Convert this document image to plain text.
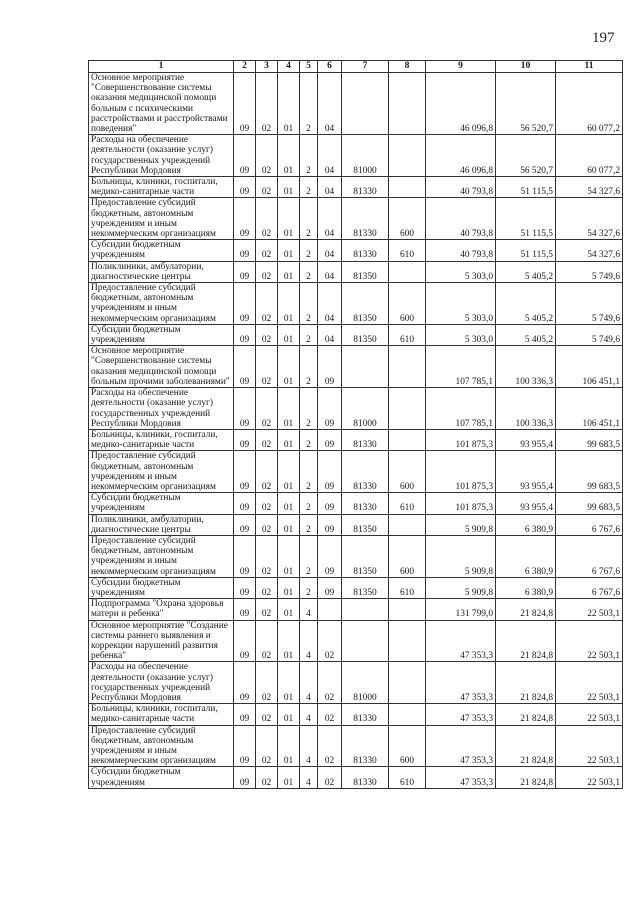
197
1	2	3	4	5	6	7	8	9	10	11
Основное мероприятие "Совершенствование системы оказания медицинской помощи больным с психическими расстройствами и расстройствами поведения"	09	02	01	2	04			46 096,8	56 520,7	60 077,2
Расходы на обеспечение деятельности (оказание услуг) государственных учреждений Республики Мордовия	09	02	01	2	04	81000		46 096,8	56 520,7	60 077,2
Больницы, клиники, госпитали, медико-санитарные части	09	02	01	2	04	81330		40 793,8	51 115,5	54 327,6
Предоставление субсидий бюджетным, автономным учреждениям и иным некоммерческим организациям	09	02	01	2	04	81330	600	40 793,8	51 115,5	54 327,6
Субсидии бюджетным учреждениям	09	02	01	2	04	81330	610	40 793,8	51 115,5	54 327,6
Поликлиники, амбулатории, диагностические центры	09	02	01	2	04	81350		5 303,0	5 405,2	5 749,6
Предоставление субсидий бюджетным, автономным учреждениям и иным некоммерческим организациям	09	02	01	2	04	81350	600	5 303,0	5 405,2	5 749,6
Субсидии бюджетным учреждениям	09	02	01	2	04	81350	610	5 303,0	5 405,2	5 749,6
Основное мероприятие "Совершенствование системы оказания медицинской помощи больным прочими заболеваниями"	09	02	01	2	09			107 785,1	100 336,3	106 451,1
Расходы на обеспечение деятельности (оказание услуг) государственных учреждений Республики Мордовия	09	02	01	2	09	81000		107 785,1	100 336,3	106 451,1
Больницы, клиники, госпитали, медико-санитарные части	09	02	01	2	09	81330		101 875,3	93 955,4	99 683,5
Предоставление субсидий бюджетным, автономным учреждениям и иным некоммерческим организациям	09	02	01	2	09	81330	600	101 875,3	93 955,4	99 683,5
Субсидии бюджетным учреждениям	09	02	01	2	09	81330	610	101 875,3	93 955,4	99 683,5
Поликлиники, амбулатории, диагностические центры	09	02	01	2	09	81350		5 909,8	6 380,9	6 767,6
Предоставление субсидий бюджетным, автономным учреждениям и иным некоммерческим организациям	09	02	01	2	09	81350	600	5 909,8	6 380,9	6 767,6
Субсидии бюджетным учреждениям	09	02	01	2	09	81350	610	5 909,8	6 380,9	6 767,6
Подпрограмма "Охрана здоровья матери и ребенка"	09	02	01	4				131 799,0	21 824,8	22 503,1
Основное мероприятие "Создание системы раннего выявления и коррекции нарушений развития ребенка"	09	02	01	4	02			47 353,3	21 824,8	22 503,1
Расходы на обеспечение деятельности (оказание услуг) государственных учреждений Республики Мордовия	09	02	01	4	02	81000		47 353,3	21 824,8	22 503,1
Больницы, клиники, госпитали, медико-санитарные части	09	02	01	4	02	81330		47 353,3	21 824,8	22 503,1
Предоставление субсидий бюджетным, автономным учреждениям и иным некоммерческим организациям	09	02	01	4	02	81330	600	47 353,3	21 824,8	22 503,1
Субсидии бюджетным учреждениям	09	02	01	4	02	81330	610	47 353,3	21 824,8	22 503,1
